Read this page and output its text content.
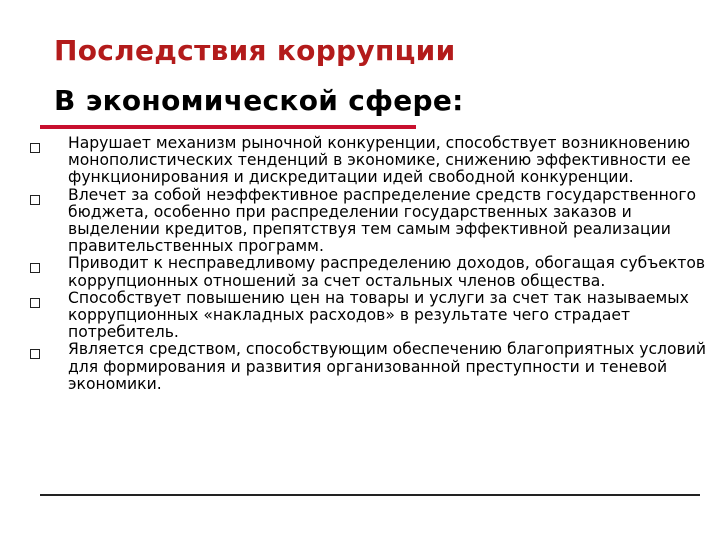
Последствия коррупции
В экономической сфере:
Нарушает механизм рыночной конкуренции, способствует возникновению монополистических тенденций в экономике, снижению эффективности ее функционирования и дискредитации идей свободной конкуренции.
Влечет за собой неэффективное распределение средств государственного бюджета, особенно при распределении государственных заказов и выделении кредитов, препятствуя тем самым эффективной реализации правительственных программ.
Приводит к несправедливому распределению доходов, обогащая субъектов коррупционных отношений за счет остальных членов общества.
Способствует повышению цен на товары и услуги за счет так называемых коррупционных «накладных расходов» в результате чего страдает потребитель.
Является средством, способствующим обеспечению благоприятных условий для формирования и развития организованной преступности и теневой экономики.
